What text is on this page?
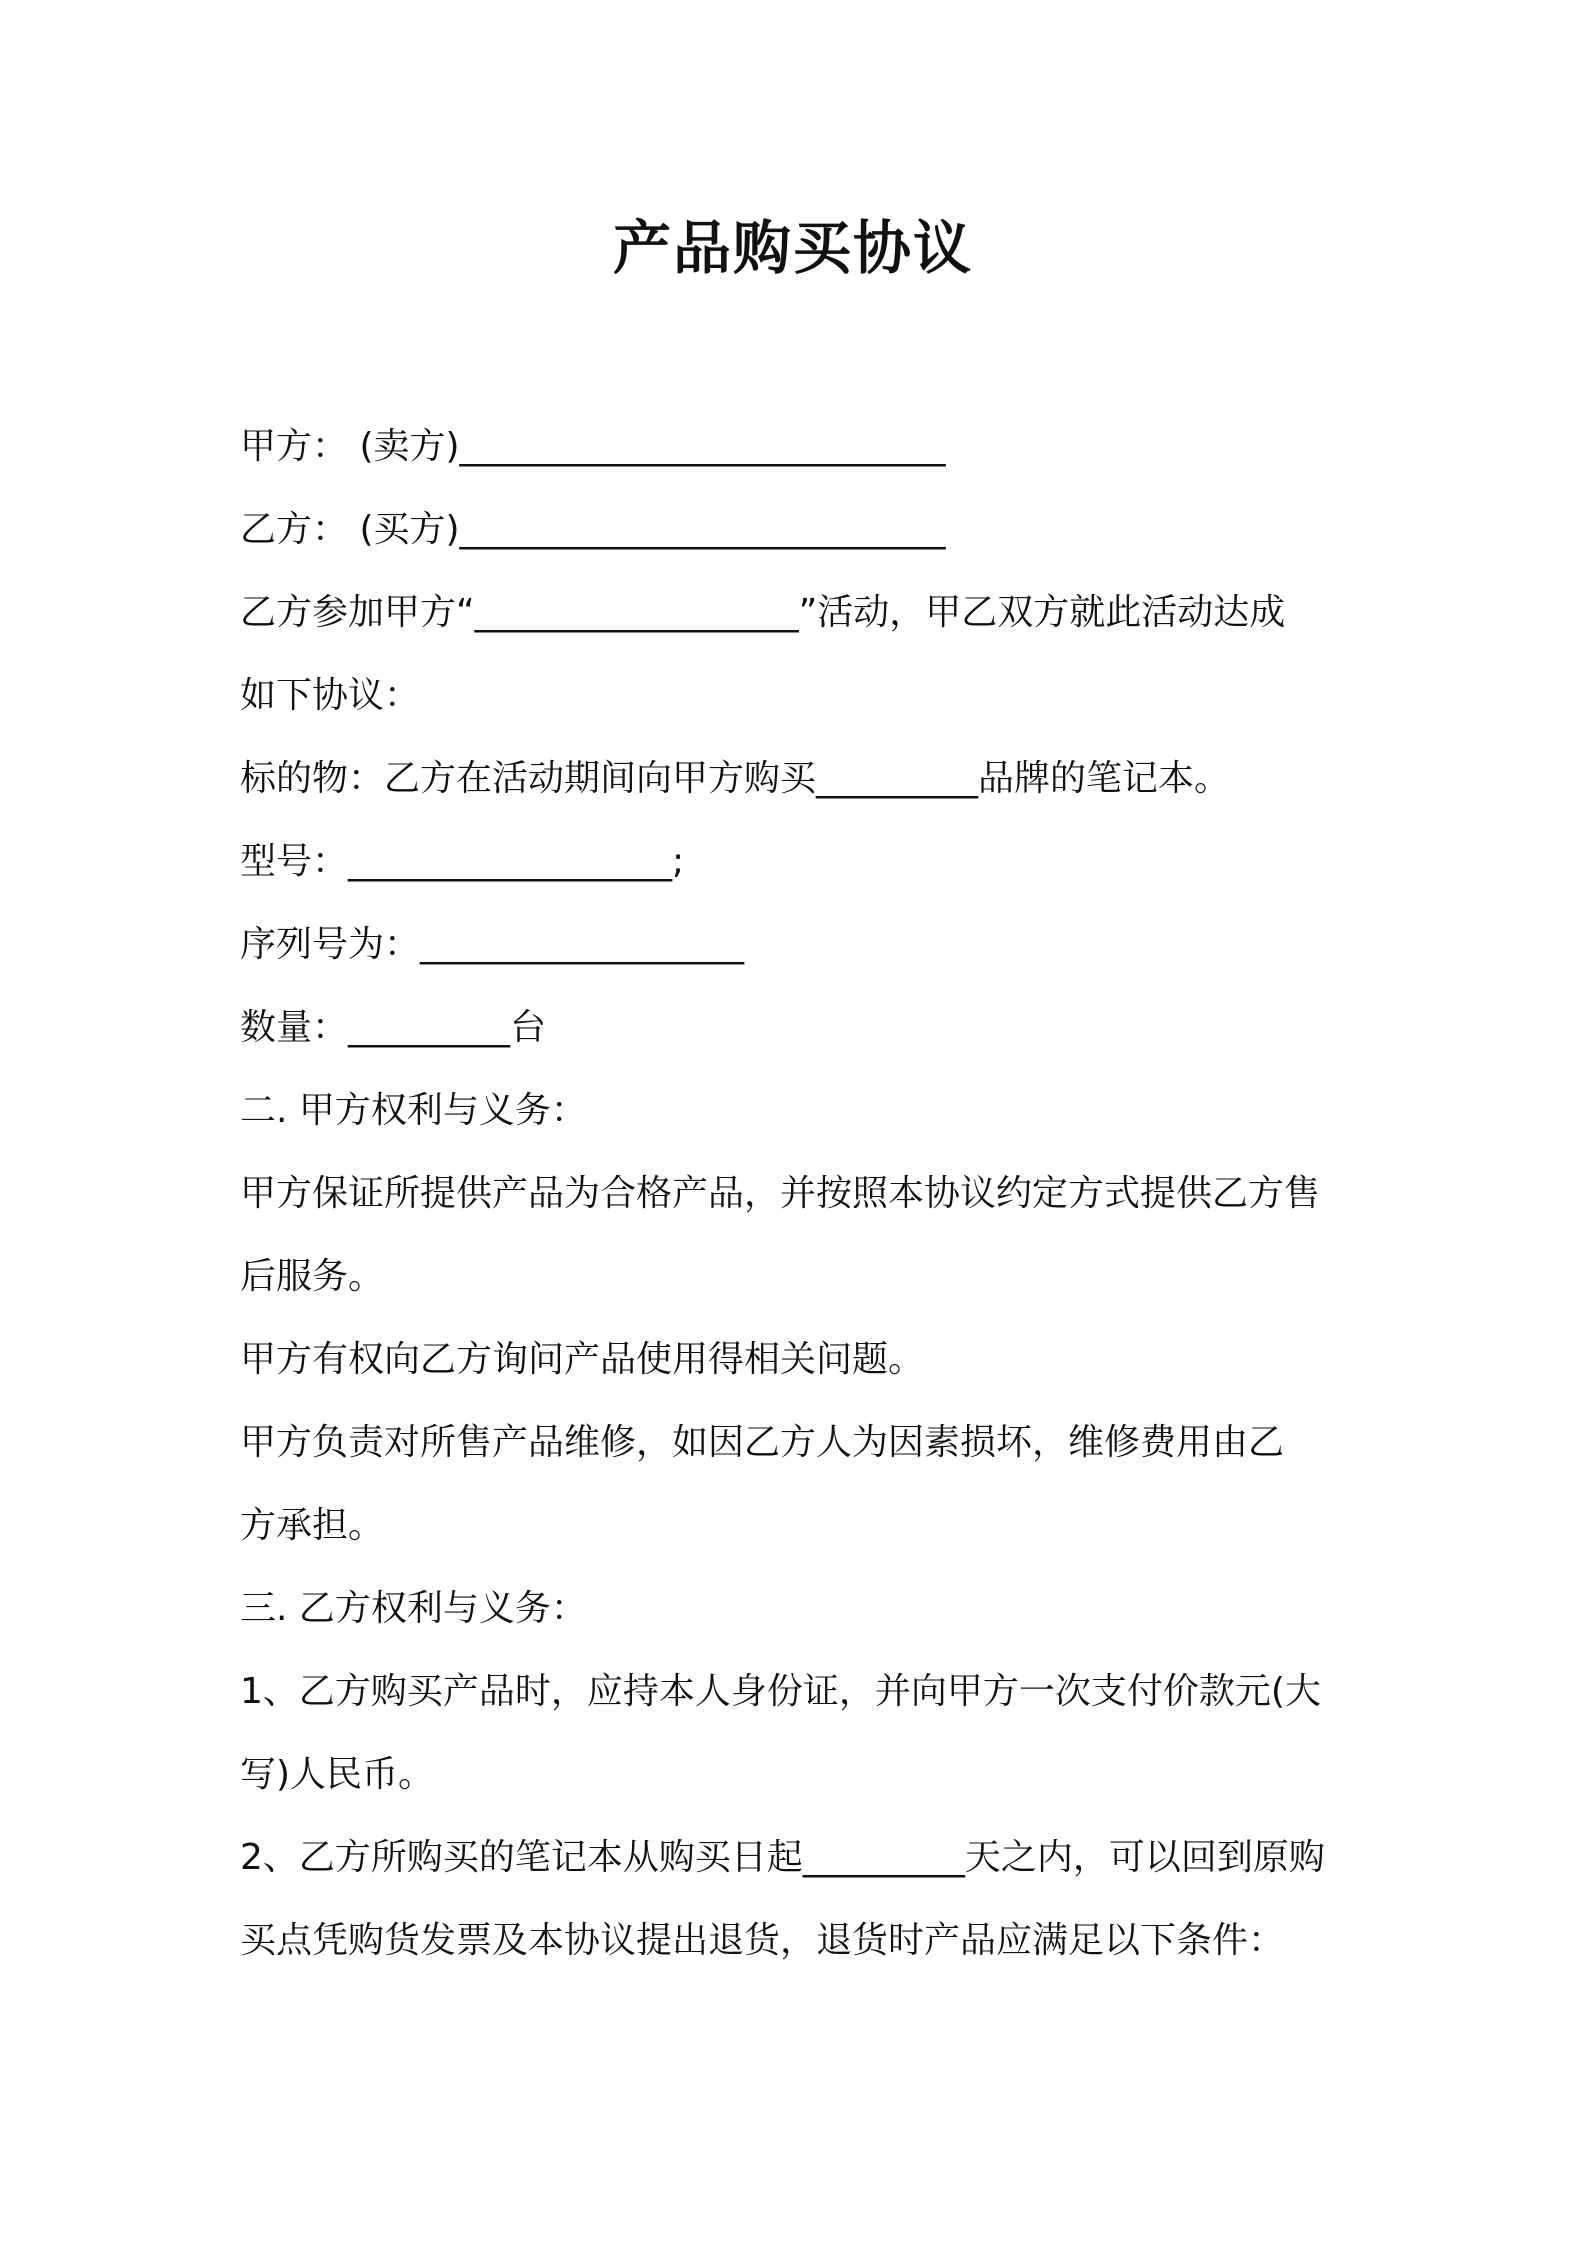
产品购买协议
甲方： (卖方)___________________________
乙方： (买方)___________________________
乙方参加甲方“__________________”活动，甲乙双方就此活动达成
如下协议：
标的物：乙方在活动期间向甲方购买_________品牌的笔记本。
型号：__________________;
序列号为：__________________
数量：_________台
二. 甲方权利与义务：
甲方保证所提供产品为合格产品，并按照本协议约定方式提供乙方售
后服务。
甲方有权向乙方询问产品使用得相关问题。
甲方负责对所售产品维修，如因乙方人为因素损坏，维修费用由乙
方承担。
三. 乙方权利与义务：
1、乙方购买产品时，应持本人身份证，并向甲方一次支付价款元(大
写)人民币。
2、乙方所购买的笔记本从购买日起_________天之内，可以回到原购
买点凭购货发票及本协议提出退货，退货时产品应满足以下条件：
